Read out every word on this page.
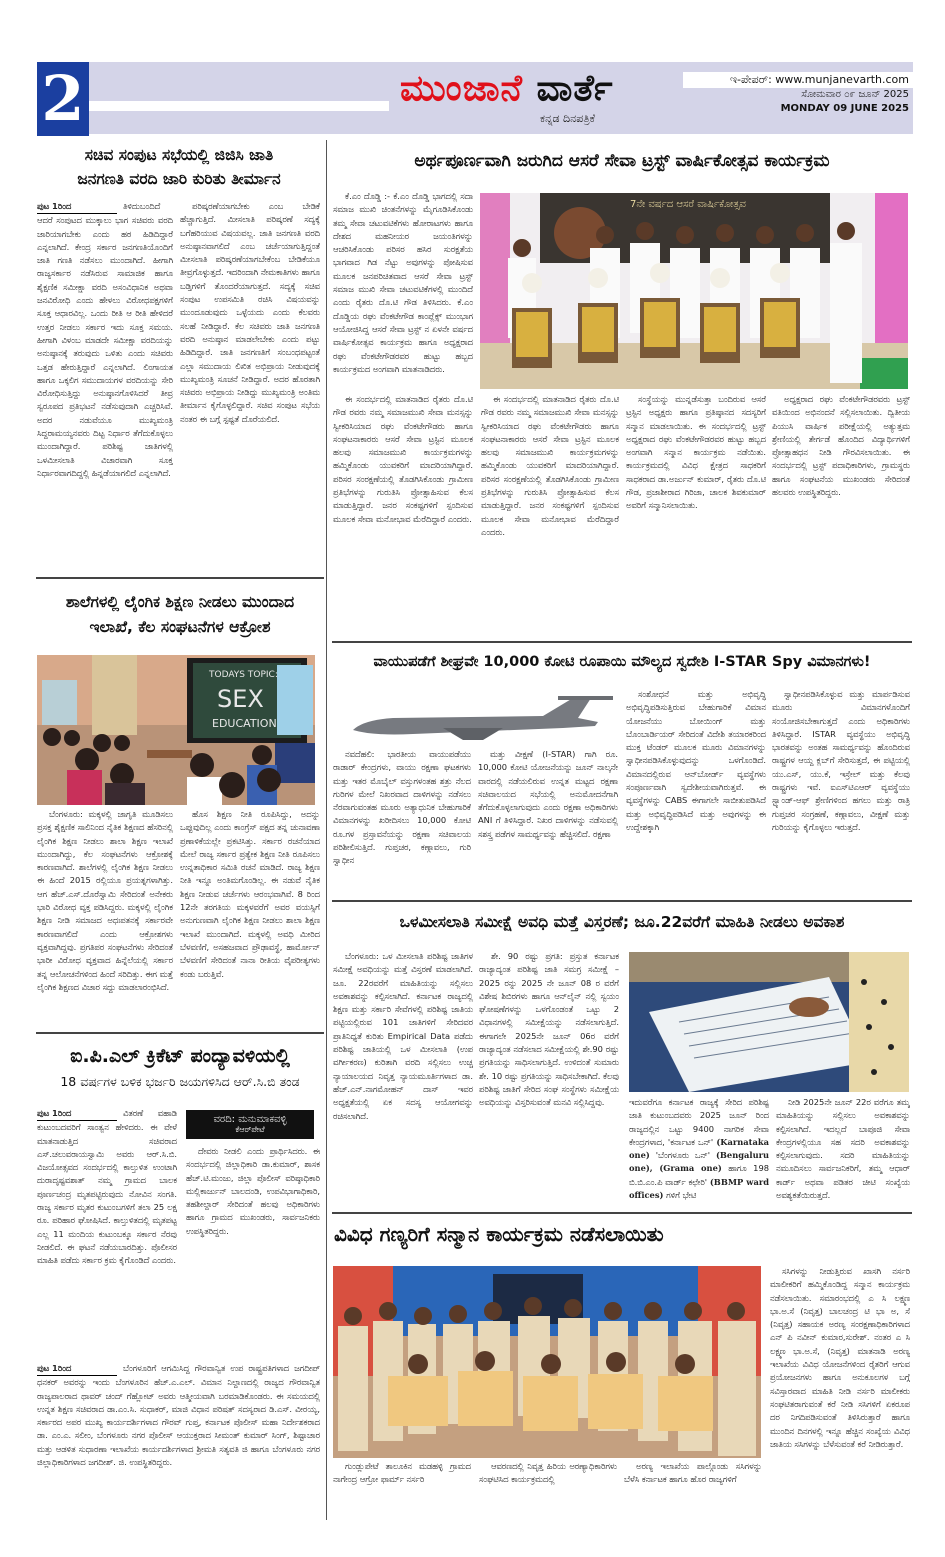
2	ಮುಂಜಾನೆ ವಾರ್ತೆ
ಕನ್ನಡ ದಿನಪತ್ರಿಕೆ
ಇ-ಪೇಪರ್: www.munjanevarth.com
ಸೋಮವಾರ ೦೯ ಜೂನ್ 2025
MONDAY 09 JUNE 2025
ಸಚಿವ ಸಂಪುಟ ಸಭೆಯಲ್ಲಿ ಜಿಜಿಸಿ ಜಾತಿ
ಜನಗಣತಿ ವರದಿ ಜಾರಿ ಕುರಿತು ತೀರ್ಮಾನ
ಪುಟ 1ರಿಂದ	ತಿಳಿದುಬಂದಿದೆ ಆದರೆ ಸಂಪುಟದ ಮುಕ್ಕಾಲು ಭಾಗ ಸಚಿವರು ವರದಿ ಜಾರಿಯಾಗಬೇಕು ಎಂದು ಹಠ ಹಿಡಿದಿದ್ದಾರೆ ಎನ್ನಲಾಗಿದೆ. ಕೇಂದ್ರ ಸರ್ಕಾರ ಜನಗಣತಿಯೊಂದಿಗೆ ಜಾತಿ ಗಣತಿ ನಡೆಸಲು ಮುಂದಾಗಿದೆ. ಹೀಗಾಗಿ ರಾಜ್ಯಸರ್ಕಾರ ನಡೆಸಿರುವ ಸಾಮಾಜಿಕ ಹಾಗೂ ಶೈಕ್ಷಣಿಕ ಸಮೀಕ್ಷಾ ವರದಿ ಅಸಂವಿಧಾನಿಕ ಅಥವಾ ಜನವಿರೋಧಿ ಎಂದು ಹೇಳಲು ವಿರೋಧಪಕ್ಷಗಳಿಗೆ ಸೂಕ್ತ ಆಧಾರವಿಲ್ಲ. ಒಂದು ರೀತಿ ಆ ರೀತಿ ಹೇಳಿದರೆ ಉತ್ತರ ನೀಡಲು ಸರ್ಕಾರ ಇದು ಸೂಕ್ತ ಸಮಯ. ಹೀಗಾಗಿ ವಿಳಂಬ ಮಾಡದೇ ಸಮೀಕ್ಷಾ ವರದಿಯನ್ನು ಅನುಷ್ಠಾನಕ್ಕೆ ತರುವುದು ಒಳಿತು ಎಂದು ಸಚಿವರು ಒತ್ತಡ ಹೇರುತ್ತಿದ್ದಾರೆ ಎನ್ನಲಾಗಿದೆ. ಲಿಂಗಾಯತ ಹಾಗೂ ಒಕ್ಕಲಿಗ ಸಮುದಾಯಗಳ ವರದಿಯನ್ನು ಸೇರಿ ವಿರೋಧಿಸುತ್ತಿದ್ದು ಅನುಷ್ಠಾನಗೊಳಿಸಿದರೆ ತೀವ್ರ ಸ್ವರೂಪದ ಪ್ರತಿಭಟನೆ ನಡೆಸುವುದಾಗಿ ಎಚ್ಚರಿಸಿವೆ. ಅದರ ನಡುವೆಯೂ ಮುಖ್ಯಮಂತ್ರಿ ಸಿದ್ದರಾಮಯ್ಯನವರು ದಿಟ್ಟ ನಿರ್ಧಾರ ತೆಗೆದುಕೊಳ್ಳಲು ಮುಂದಾಗಿದ್ದಾರೆ. ಪರಿಶಿಷ್ಟ ಜಾತಿಗಳಲ್ಲಿ ಒಳಮೀಸಲಾತಿ ವಿಚಾರವಾಗಿ ಸೂಕ್ತ ನಿರ್ಧಾರವಾಗದಿದ್ದಲ್ಲಿ ಹಿನ್ನಡೆಯಾಗಲಿದೆ ಎನ್ನಲಾಗಿದೆ.

ಪರಿಷ್ಕರಣೆಯಾಗಬೇಕು ಎಂಬ ಬೇಡಿಕೆ ಹೆಚ್ಚಾಗುತ್ತಿದೆ. ಮೀಸಲಾತಿ ಪರಿಷ್ಕರಣೆ ಸದ್ಯಕ್ಕೆ ಬಗೆಹರಿಯುವ ವಿಷಯವಲ್ಲ. ಜಾತಿ ಜನಗಣತಿ ವರದಿ ಅನುಷ್ಠಾನವಾಗಲಿದೆ ಎಂಬ ಚರ್ಚೆಯಾಗುತ್ತಿದ್ದಂತೆ ಮೀಸಲಾತಿ ಪರಿಷ್ಕರಣೆಯಾಗಬೇಕೆಂಬ ಬೇಡಿಕೆಯೂ ತೀವ್ರಗೊಳ್ಳುತ್ತದೆ. ಇದರಿಂದಾಗಿ ನೇಮಕಾತಿಗಳು ಹಾಗೂ ಬಡ್ತಿಗಳಿಗೆ ತೊಂದರೆಯಾಗುತ್ತದೆ. ಸದ್ಯಕ್ಕೆ ಸಚಿವ ಸಂಪುಟ ಉಪಸಮಿತಿ ರಚಿಸಿ ವಿಷಯವನ್ನು ಮುಂದೂಡುವುದು ಒಳ್ಳೆಯದು ಎಂದು ಕೆಲವರು ಸಲಹೆ ನೀಡಿದ್ದಾರೆ. ಕೆಲ ಸಚಿವರು ಜಾತಿ ಜನಗಣತಿ ವರದಿ ಅನುಷ್ಠಾನ ಮಾಡಲೇಬೇಕು ಎಂದು ಪಟ್ಟು ಹಿಡಿದಿದ್ದಾರೆ. ಜಾತಿ ಜನಗಣತಿಗೆ ಸಂಬಂಧಪಟ್ಟಂತೆ ಎಲ್ಲಾ ಸಮುದಾಯ ಲಿಖಿತ ಅಭಿಪ್ರಾಯ ನೀಡುವುದಕ್ಕೆ ಮುಖ್ಯಮಂತ್ರಿ ಸೂಚನೆ ನೀಡಿದ್ದಾರೆ. ಅದರ ಹೊರತಾಗಿ ಸಚಿವರು ಅಭಿಪ್ರಾಯ ನೀಡಿದ್ದು ಮುಖ್ಯಮಂತ್ರಿ ಅಂತಿಮ ತೀರ್ಮಾನ ಕೈಗೊಳ್ಳಲಿದ್ದಾರೆ. ಸಚಿವ ಸಂಪುಟ ಸಭೆಯ ನಂತರ ಈ ಬಗ್ಗೆ ಸ್ಪಷ್ಟತೆ ದೊರೆಯಲಿದೆ.

ಶಾಲೆಗಳಲ್ಲಿ ಲೈಂಗಿಕ ಶಿಕ್ಷಣ ನೀಡಲು ಮುಂದಾದ
ಇಲಾಖೆ, ಕೆಲ ಸಂಘಟನೆಗಳ ಆಕ್ರೋಶ
TODAYS TOPIC:
SEX
EDUCATION

ಬೆಂಗಳೂರು: ಮಕ್ಕಳಲ್ಲಿ ಜಾಗೃತಿ ಮೂಡಿಸಲು ಪ್ರಸಕ್ತ ಶೈಕ್ಷಣಿಕ ಸಾಲಿನಿಂದ ನೈತಿಕ ಶಿಕ್ಷಣದ ಹೆಸರಿನಲ್ಲಿ ಲೈಂಗಿಕ ಶಿಕ್ಷಣ ನೀಡಲು ಶಾಲಾ ಶಿಕ್ಷಣ ಇಲಾಖೆ ಮುಂದಾಗಿದ್ದು, ಕೆಲ ಸಂಘಟನೆಗಳು ಆಕ್ರೋಶಕ್ಕೆ ಕಾರಣವಾಗಿದೆ. ಶಾಲೆಗಳಲ್ಲಿ ಲೈಂಗಿಕ ಶಿಕ್ಷಣ ನೀಡಲು ಈ ಹಿಂದೆ 2015 ರಲ್ಲಿಯೂ ಪ್ರಯತ್ನಗಳಾಗಿತ್ತು. ಆಗ ಹೆಚ್.ಎಸ್.ದೊರೆಸ್ವಾಮಿ ಸೇರಿದಂತೆ ಅನೇಕರು ಭಾರಿ ವಿರೋಧ ವ್ಯಕ್ತ ಪಡಿಸಿದ್ದರು. ಮಕ್ಕಳಲ್ಲಿ ಲೈಂಗಿಕ ಶಿಕ್ಷಣ ನೀಡಿ ಸಮಾಜದ ಅಧಃಪತನಕ್ಕೆ ಸರ್ಕಾರವೇ ಕಾರಣವಾಗಲಿದೆ ಎಂದು ಆಕ್ರೋಶಗಳು ವ್ಯಕ್ತವಾಗಿದ್ದವು. ಪ್ರಗತಿಪರ ಸಂಘಟನೆಗಳು ಸೇರಿದಂತೆ ಭಾರೀ ವಿರೋಧ ವ್ಯಕ್ತವಾದ ಹಿನ್ನೆಲೆಯಲ್ಲಿ ಸರ್ಕಾರ ತನ್ನ ಆಲೋಚನೆಗಳಿಂದ ಹಿಂದೆ ಸರಿದಿತ್ತು. ಈಗ ಮತ್ತೆ ಲೈಂಗಿಕ ಶಿಕ್ಷಣದ ವಿಚಾರ ಸದ್ದು ಮಾಡಲಾರಂಭಿಸಿದೆ.

ಹೊಸ ಶಿಕ್ಷಣ ನೀತಿ ರೂಪಿಸಿದ್ದು, ಅದನ್ನು ಒಪ್ಪುವುದಿಲ್ಲ ಎಂದು ಕಾಂಗ್ರೆಸ್ ಪಕ್ಷದ ತನ್ನ ಚುನಾವಣಾ ಪ್ರಣಾಳಿಕೆಯಲ್ಲೇ ಪ್ರಕಟಿಸಿತ್ತು. ಸರ್ಕಾರ ರಚನೆಯಾದ ಮೇಲೆ ರಾಜ್ಯ ಸರ್ಕಾರ ಪ್ರತ್ಯೇಕ ಶಿಕ್ಷಣ ನೀತಿ ರೂಪಿಸಲು ಉನ್ನತಾಧಿಕಾರ ಸಮಿತಿ ರಚನೆ ಮಾಡಿದೆ. ರಾಜ್ಯ ಶಿಕ್ಷಣ ನೀತಿ ಇನ್ನೂ ಅಂತಿಮಗೊಂಡಿಲ್ಲ. ಈ ನಡುವೆ ನೈತಿಕ ಶಿಕ್ಷಣ ನೀಡುವ ಚರ್ಚೆಗಳು ಆರಂಭವಾಗಿವೆ. 8 ರಿಂದ 12ನೇ ತರಗತಿಯ ಮಕ್ಕಳವರೆಗೆ ಅವರ ವಯಸ್ಸಿಗೆ ಅನುಗುಣವಾಗಿ ಲೈಂಗಿಕ ಶಿಕ್ಷಣ ನೀಡಲು ಶಾಲಾ ಶಿಕ್ಷಣ ಇಲಾಖೆ ಮುಂದಾಗಿದೆ. ಮಕ್ಕಳಲ್ಲಿ ಅವಧಿ ಮೀರಿದ ಬೆಳವಣಿಗೆ, ಅಸಹಜವಾದ ಪ್ರೌಢಾವಸ್ಥೆ, ಹಾರ್ಮೋನ್ ಬೆಳವಣಿಗೆ ಸೇರಿದಂತೆ ನಾನಾ ರೀತಿಯ ವೈಪರೀತ್ಯಗಳು ಕಂಡು ಬರುತ್ತಿವೆ.

ಐ.ಪಿ.ಎಲ್ ಕ್ರಿಕೆಟ್ ಪಂದ್ಯಾವಳಿಯಲ್ಲಿ
18 ವರ್ಷಗಳ ಬಳಿಕ ಭರ್ಜರಿ ಜಯಗಳಿಸಿದ ಆರ್.ಸಿ.ಬಿ ತಂಡ
ಪುಟ 1ರಿಂದ	ವಿತರಣೆ ವಹಾಡಿ ಕುಟುಂಬದವರಿಗೆ ಸಾಂತ್ವನ ಹೇಳಿದರು. ಈ ವೇಳೆ ಮಾತನಾಡುತ್ತಿದ ಸಚಿವರಾದ ಎಸ್.ಚಲುವರಾಯಸ್ವಾಮಿ ಅವರು ಆರ್.ಸಿ.ಬಿ. ವಿಜಯೋತ್ಸವದ ಸಂದರ್ಭದಲ್ಲಿ ಕಾಲ್ತುಳಿತ ಉಂಟಾಗಿ ದುರಾದೃಷ್ಟವಶಾತ್ ನಮ್ಮ ಗ್ರಾಮದ ಬಾಲಕ ಪೂರ್ಣಚಂದ್ರ ಮೃತಪಟ್ಟಿರುವುದು ನೋವಿನ ಸಂಗತಿ. ರಾಜ್ಯ ಸರ್ಕಾರ ಮೃತರ ಕುಟುಂಬಗಳಿಗೆ ತಲಾ 25 ಲಕ್ಷ ರೂ. ಪರಿಹಾರ ಘೋಷಿಸಿದೆ. ಕಾಲ್ತುಳಿತದಲ್ಲಿ ಮೃತಪಟ್ಟ ಎಲ್ಲ 11 ಮಂದಿಯ ಕುಟುಂಬಕ್ಕೂ ಸರ್ಕಾರ ನೆರವು ನೀಡಲಿದೆ. ಈ ಘಟನೆ ನಡೆಯಬಾರದಿತ್ತು. ಪೊಲೀಸರ ಮಾಹಿತಿ ಪಡೆದು ಸರ್ಕಾರ ಕ್ರಮ ಕೈಗೊಂಡಿದೆ ಎಂದರು.
ವರದಿ: ಮನುಮಾಕವಳ್ಳಿ
ಕೆಆರ್‌ಪೇಟೆ

ದೇವರು ನೀಡಲಿ ಎಂದು ಪ್ರಾರ್ಥಿಸಿದರು. ಈ ಸಂದರ್ಭದಲ್ಲಿ ಜಿಲ್ಲಾಧಿಕಾರಿ ಡಾ.ಕುಮಾರ್, ಶಾಸಕ ಹೆಚ್.ಟಿ.ಮಂಜು, ಜಿಲ್ಲಾ ಪೊಲೀಸ್ ವರಿಷ್ಠಾಧಿಕಾರಿ ಮಲ್ಲಿಕಾರ್ಜುನ್ ಬಾಲದಂಡಿ, ಉಪವಿಭಾಗಾಧಿಕಾರಿ, ತಹಶೀಲ್ದಾರ್ ಸೇರಿದಂತೆ ಹಲವು ಅಧಿಕಾರಿಗಳು ಹಾಗೂ ಗ್ರಾಮದ ಮುಖಂಡರು, ಸಾರ್ವಜನಿಕರು ಉಪಸ್ಥಿತರಿದ್ದರು.

ಪುಟ 1ರಿಂದ	ಬೆಂಗಳೂರಿಗೆ ಆಗಮಿಸಿದ್ದ ಗೌರವಾನ್ವಿತ ಉಪ ರಾಷ್ಟ್ರಪತಿಗಳಾದ ಜಗದೀಪ್ ಧನಕರ್ ಅವರನ್ನು ಇಂದು ಬೆಂಗಳೂರಿನ ಹೆಚ್.ಎ.ಎಲ್. ವಿಮಾನ ನಿಲ್ದಾಣದಲ್ಲಿ ರಾಜ್ಯದ ಗೌರವಾನ್ವಿತ ರಾಜ್ಯಪಾಲರಾದ ಥಾವರ್ ಚಂದ್ ಗೆಹ್ಲೋಟ್ ಅವರು ಆತ್ಮೀಯವಾಗಿ ಬರಮಾಡಿಕೊಂಡರು. ಈ ಸಮಯದಲ್ಲಿ ಉನ್ನತ ಶಿಕ್ಷಣ ಸಚಿವರಾದ ಡಾ.ಎಂ.ಸಿ. ಸುಧಾಕರ್, ಮಾಜಿ ವಿಧಾನ ಪರಿಷತ್ ಸದಸ್ಯರಾದ ಡಿ.ಎಸ್. ವೀರಯ್ಯ, ಸರ್ಕಾರದ ಅಪರ ಮುಖ್ಯ ಕಾರ್ಯದರ್ಶಿಗಳಾದ ಗೌರವ್ ಗುಪ್ತ, ಕರ್ನಾಟಕ ಪೊಲೀಸ್ ಮಹಾ ನಿರ್ದೇಶಕರಾದ ಡಾ. ಎಂ.ಎ. ಸಲೀಂ, ಬೆಂಗಳೂರು ನಗರ ಪೊಲೀಸ್ ಆಯುಕ್ತರಾದ ಸೀಮಂತ್ ಕುಮಾರ್ ಸಿಂಗ್, ಶಿಷ್ಟಾಚಾರ ಮತ್ತು ಆಡಳಿತ ಸುಧಾರಣಾ ಇಲಾಖೆಯ ಕಾರ್ಯದರ್ಶಿಗಳಾದ ಶ್ರೀಮತಿ ಸತ್ಯವತಿ ಜಿ ಹಾಗೂ ಬೆಂಗಳೂರು ನಗರ ಜಿಲ್ಲಾಧಿಕಾರಿಗಳಾದ ಜಗದೀಶ್. ಜಿ. ಉಪಸ್ಥಿತರಿದ್ದರು.
ಅರ್ಥಪೂರ್ಣವಾಗಿ ಜರುಗಿದ ಆಸರೆ ಸೇವಾ ಟ್ರಸ್ಟ್ ವಾರ್ಷಿಕೋತ್ಸವ ಕಾರ್ಯಕ್ರಮ

ಕೆ.ಎಂ ದೊಡ್ಡಿ :- ಕೆ.ಎಂ ದೊಡ್ಡಿ ಭಾಗದಲ್ಲಿ ಸದಾ ಸಮಾಜ ಮುಖಿ ಚಿಂತನೆಗಳನ್ನು ಮೈಗೂಡಿಸಿಕೊಂಡು ತಮ್ಮ ಸೇವಾ ಚಟುವಟಿಕೆಗಳು ಹೋರಾಟಗಳು ಹಾಗೂ ದೇಶದ ಮಹನೀಯರ ಜಯಂತಿಗಳನ್ನು ಆಚರಿಸಿಕೊಂಡು ಪರಿಸರ ಹಸಿರ ಸುರಕ್ಷತೆಯ ಭಾಗವಾದ ಗಿಡ ನೆಟ್ಟು ಅವುಗಳನ್ನು ಪೋಷಿಸುವ ಮೂಲಕ ಜನಪರಿಚಿತವಾದ ಆಸರೆ ಸೇವಾ ಟ್ರಸ್ಟ್ ಸಮಾಜ ಮುಖಿ ಸೇವಾ ಚಟುವಟಿಕೆಗಳಲ್ಲಿ ಮುಂದಿದೆ ಎಂದು ರೈತರು ದೊ.ಟಿ ಗೌಡ ತಿಳಿಸಿದರು. ಕೆ.ಎಂ ದೊಡ್ಡಿಯ ರಘು ವೆಂಕಟೇಗೌಡ ಕಾಂಪ್ಲೆಕ್ಸ್ ಮುಂಭಾಗ ಆಯೋಜಿಸಿದ್ದ ಆಸರೆ ಸೇವಾ ಟ್ರಸ್ಟ್ ನ ಏಳನೇ ವರ್ಷದ ವಾರ್ಷಿಕೋತ್ಸವ ಕಾರ್ಯಕ್ರಮ ಹಾಗೂ ಅಧ್ಯಕ್ಷರಾದ ರಘು ವೆಂಕಟೇಗೌಡರವರ ಹುಟ್ಟು ಹಬ್ಬದ ಕಾರ್ಯಕ್ರಮದ ಅಂಗವಾಗಿ ಮಾತನಾಡಿದರು.

7ನೇ ವರ್ಷದ ಆಸರೆ ವಾರ್ಷಿಕೋತ್ಸವ

ಈ ಸಂದರ್ಭದಲ್ಲಿ ಮಾತನಾಡಿದ ರೈತರು ದೊ.ಟಿ ಗೌಡ ರವರು ನಮ್ಮ ಸಮಾಜಮುಖಿ ಸೇವಾ ಮನಸ್ಸನ್ನು ಸ್ವೀಕರಿಸಿಯಾದ ರಘು ವೆಂಕಟೇಗೌಡರು ಹಾಗೂ ಸಂಘಟನಾಕಾರರು ಆಸರೆ ಸೇವಾ ಟ್ರಸ್ಟಿನ ಮೂಲಕ ಹಲವು ಸಮಾಜಮುಖಿ ಕಾರ್ಯಕ್ರಮಗಳನ್ನು ಹಮ್ಮಿಕೊಂಡು ಯುವಕರಿಗೆ ಮಾದರಿಯಾಗಿದ್ದಾರೆ. ಪರಿಸರ ಸಂರಕ್ಷಣೆಯಲ್ಲಿ ತೊಡಗಿಸಿಕೊಂಡು ಗ್ರಾಮೀಣ ಪ್ರತಿಭೆಗಳನ್ನು ಗುರುತಿಸಿ ಪ್ರೋತ್ಸಾಹಿಸುವ ಕೆಲಸ ಮಾಡುತ್ತಿದ್ದಾರೆ. ಜನರ ಸಂಕಷ್ಟಗಳಿಗೆ ಸ್ಪಂದಿಸುವ ಮೂಲಕ ಸೇವಾ ಮನೋಭಾವ ಮೆರೆದಿದ್ದಾರೆ ಎಂದರು.

ಈ ಸಂದರ್ಭದಲ್ಲಿ ಮಾತನಾಡಿದ ರೈತರು ದೊ.ಟಿ ಗೌಡ ರವರು ನಮ್ಮ ಸಮಾಜಮುಖಿ ಸೇವಾ ಮನಸ್ಸನ್ನು ಸ್ವೀಕರಿಸಿಯಾದ ರಘು ವೆಂಕಟೇಗೌಡರು ಹಾಗೂ ಸಂಘಟನಾಕಾರರು ಆಸರೆ ಸೇವಾ ಟ್ರಸ್ಟಿನ ಮೂಲಕ ಹಲವು ಸಮಾಜಮುಖಿ ಕಾರ್ಯಕ್ರಮಗಳನ್ನು ಹಮ್ಮಿಕೊಂಡು ಯುವಕರಿಗೆ ಮಾದರಿಯಾಗಿದ್ದಾರೆ. ಪರಿಸರ ಸಂರಕ್ಷಣೆಯಲ್ಲಿ ತೊಡಗಿಸಿಕೊಂಡು ಗ್ರಾಮೀಣ ಪ್ರತಿಭೆಗಳನ್ನು ಗುರುತಿಸಿ ಪ್ರೋತ್ಸಾಹಿಸುವ ಕೆಲಸ ಮಾಡುತ್ತಿದ್ದಾರೆ. ಜನರ ಸಂಕಷ್ಟಗಳಿಗೆ ಸ್ಪಂದಿಸುವ ಮೂಲಕ ಸೇವಾ ಮನೋಭಾವ ಮೆರೆದಿದ್ದಾರೆ ಎಂದರು.

ಸಂಸ್ಥೆಯನ್ನು ಮುನ್ನಡೆಸುತ್ತಾ ಬಂದಿರುವ ಆಸರೆ ಟ್ರಸ್ಟಿನ ಅಧ್ಯಕ್ಷರು ಹಾಗೂ ಪ್ರತಿಷ್ಠಾನದ ಸದಸ್ಯರಿಗೆ ಸನ್ಮಾನ ಮಾಡಲಾಯಿತು. ಈ ಸಂದರ್ಭದಲ್ಲಿ ಟ್ರಸ್ಟ್ ಅಧ್ಯಕ್ಷರಾದ ರಘು ವೆಂಕಟೇಗೌಡರವರ ಹುಟ್ಟು ಹಬ್ಬದ ಅಂಗವಾಗಿ ಸನ್ಮಾನ ಕಾರ್ಯಕ್ರಮ ನಡೆಯಿತು. ಕಾರ್ಯಕ್ರಮದಲ್ಲಿ ವಿವಿಧ ಕ್ಷೇತ್ರದ ಸಾಧಕರಿಗೆ ಸಾಧಕರಾದ ಡಾ.ಅರ್ಜುನ್ ಕುಮಾರ್, ರೈತರು ದೊ.ಟಿ ಗೌಡ, ಪ್ರಜಾಶೀರಾದ ಗಿರಿಜಾ, ಚಾಲಕ ಶಿವಕುಮಾರ್ ಅವರಿಗೆ ಸನ್ಮಾನಿಸಲಾಯಿತು.

ಅಧ್ಯಕ್ಷರಾದ ರಘು ವೆಂಕಟೇಗೌಡರವರು ಟ್ರಸ್ಟ್ ವತಿಯಿಂದ ಅಭಿನಂದನೆ ಸಲ್ಲಿಸಲಾಯಿತು. ದ್ವಿತೀಯ ಪಿಯುಸಿ ವಾರ್ಷಿಕ ಪರೀಕ್ಷೆಯಲ್ಲಿ ಅತ್ಯುತ್ತಮ ಶ್ರೇಣಿಯಲ್ಲಿ ತೇರ್ಗಡೆ ಹೊಂದಿದ ವಿದ್ಯಾರ್ಥಿಗಳಿಗೆ ಪ್ರೋತ್ಸಾಹಧನ ನೀಡಿ ಗೌರವಿಸಲಾಯಿತು. ಈ ಸಂದರ್ಭದಲ್ಲಿ ಟ್ರಸ್ಟ್ ಪದಾಧಿಕಾರಿಗಳು, ಗ್ರಾಮಸ್ಥರು ಹಾಗೂ ಸಂಘಟನೆಯ ಮುಖಂಡರು ಸೇರಿದಂತೆ ಹಲವರು ಉಪಸ್ಥಿತರಿದ್ದರು.

ವಾಯುಪಡೆಗೆ ಶೀಘ್ರವೇ 10,000 ಕೋಟಿ ರೂಪಾಯಿ ಮೌಲ್ಯದ ಸ್ವದೇಶಿ I-STAR Spy ವಿಮಾನಗಳು!

ನವದೆಹಲಿ: ಭಾರತೀಯ ವಾಯುಪಡೆಯು ರಾಡಾರ್ ಕೇಂದ್ರಗಳು, ವಾಯು ರಕ್ಷಣಾ ಘಟಕಗಳು ಮತ್ತು ಇತರ ಮೊಬೈಲ್ ವಸ್ತುಗಳಂತಹ ಶತ್ರು ನೆಲದ ಗುರಿಗಳ ಮೇಲೆ ನಿಖರವಾದ ದಾಳಿಗಳನ್ನು ನಡೆಸಲು ನೆರವಾಗುವಂತಹ ಮೂರು ಅತ್ಯಾಧುನಿಕ ಬೇಹುಗಾರಿಕೆ ವಿಮಾನಗಳನ್ನು ಖರೀದಿಸಲು 10,000 ಕೋಟಿ ರೂ.ಗಳ ಪ್ರಸ್ತಾವನೆಯನ್ನು ರಕ್ಷಣಾ ಸಚಿವಾಲಯ ಪರಿಶೀಲಿಸುತ್ತಿದೆ. ಗುಪ್ತಚರ, ಕಣ್ಗಾವಲು, ಗುರಿ ಸ್ವಾಧೀನ

ಮತ್ತು ವೀಕ್ಷಣೆ (I-STAR) ಗಾಗಿ ರೂ. 10,000 ಕೋಟಿ ಯೋಜನೆಯನ್ನು ಜೂನ್ ನಾಲ್ಕನೇ ವಾರದಲ್ಲಿ ನಡೆಯಲಿರುವ ಉನ್ನತ ಮಟ್ಟದ ರಕ್ಷಣಾ ಸಚಿವಾಲಯದ ಸಭೆಯಲ್ಲಿ ಅನುಮೋದನೆಗಾಗಿ ತೆಗೆದುಕೊಳ್ಳಲಾಗುವುದು ಎಂದು ರಕ್ಷಣಾ ಅಧಿಕಾರಿಗಳು ANI ಗೆ ತಿಳಿಸಿದ್ದಾರೆ. ನಿಖರ ದಾಳಿಗಳನ್ನು ನಡೆಸುವಲ್ಲಿ ಸಶಸ್ತ್ರ ಪಡೆಗಳ ಸಾಮರ್ಥ್ಯವನ್ನು ಹೆಚ್ಚಿಸಲಿದೆ. ರಕ್ಷಣಾ

ಸಂಶೋಧನೆ ಮತ್ತು ಅಭಿವೃದ್ಧಿ ಅಭಿವೃದ್ಧಿಪಡಿಸುತ್ತಿರುವ ಬೇಹುಗಾರಿಕೆ ವಿಮಾನ ಯೋಜನೆಯು ಬೋಯಿಂಗ್ ಮತ್ತು ಬೊಂಬಾರ್ಡಿಯರ್ ಸೇರಿದಂತೆ ವಿದೇಶಿ ತಯಾರಕರಿಂದ ಮುಕ್ತ ಟೆಂಡರ್ ಮೂಲಕ ಮೂರು ವಿಮಾನಗಳನ್ನು ಸ್ವಾಧೀನಪಡಿಸಿಕೊಳ್ಳುವುದನ್ನು ಒಳಗೊಂಡಿದೆ. ವಿಮಾನದಲ್ಲಿರುವ ಆನ್‌ಬೋರ್ಡ್ ವ್ಯವಸ್ಥೆಗಳು ಸಂಪೂರ್ಣವಾಗಿ ಸ್ವದೇಶೀಯವಾಗಿರುತ್ತವೆ. ಈ ವ್ಯವಸ್ಥೆಗಳನ್ನು CABS ಈಗಾಗಲೇ ಸಾಬೀತುಪಡಿಸಿದೆ ಮತ್ತು ಅಭಿವೃದ್ಧಿಪಡಿಸಿದೆ ಮತ್ತು ಅವುಗಳನ್ನು ಈ ಉದ್ದೇಶಕ್ಕಾಗಿ

ಸ್ವಾಧೀನಪಡಿಸಿಕೊಳ್ಳುವ ಮತ್ತು ಮಾರ್ಪಡಿಸುವ ಮೂರು ವಿಮಾನಗಳೊಂದಿಗೆ ಸಂಯೋಜಿಸಬೇಕಾಗುತ್ತದೆ ಎಂದು ಅಧಿಕಾರಿಗಳು ತಿಳಿಸಿದ್ದಾರೆ. ISTAR ವ್ಯವಸ್ಥೆಯು ಅಭಿವೃದ್ಧಿ ಭಾರತವನ್ನು ಅಂತಹ ಸಾಮರ್ಥ್ಯವನ್ನು ಹೊಂದಿರುವ ರಾಷ್ಟ್ರಗಳ ಆಯ್ದ ಕ್ಲಬ್‌ಗೆ ಸೇರಿಸುತ್ತದೆ, ಈ ಪಟ್ಟಿಯಲ್ಲಿ ಯು.ಎಸ್, ಯು.ಕೆ, ಇಸ್ರೇಲ್ ಮತ್ತು ಕೆಲವು ರಾಷ್ಟ್ರಗಳು ಇವೆ. ಐಎಸ್‌ಟಿಎಆರ್ ವ್ಯವಸ್ಥೆಯು ಸ್ಟ್ಯಾಂಡ್-ಆಫ್ ಶ್ರೇಣಿಗಳಿಂದ ಹಗಲು ಮತ್ತು ರಾತ್ರಿ ಗುಪ್ತಚರ ಸಂಗ್ರಹಣೆ, ಕಣ್ಗಾವಲು, ವೀಕ್ಷಣೆ ಮತ್ತು ಗುರಿಯನ್ನು ಕೈಗೊಳ್ಳಲು ಇರುತ್ತದೆ.

ಒಳಮೀಸಲಾತಿ ಸಮೀಕ್ಷೆ ಅವಧಿ ಮತ್ತೆ ವಿಸ್ತರಣೆ; ಜೂ.22ವರೆಗೆ ಮಾಹಿತಿ ನೀಡಲು ಅವಕಾಶ

ಬೆಂಗಳೂರು: ಒಳ ಮೀಸಲಾತಿ ಪರಿಶಿಷ್ಟ ಜಾತಿಗಳ ಸಮೀಕ್ಷೆ ಅವಧಿಯನ್ನು ಮತ್ತೆ ವಿಸ್ತರಣೆ ಮಾಡಲಾಗಿದೆ. ಜೂ. 22ರವರೆಗೆ ಮಾಹಿತಿಯನ್ನು ಸಲ್ಲಿಸಲು ಅವಕಾಶವನ್ನು ಕಲ್ಪಿಸಲಾಗಿದೆ. ಕರ್ನಾಟಕ ರಾಜ್ಯದಲ್ಲಿ ಶಿಕ್ಷಣ ಮತ್ತು ಸರ್ಕಾರಿ ಸೇವೆಗಳಲ್ಲಿ ಪರಿಶಿಷ್ಟ ಜಾತಿಯ ಪಟ್ಟಿಯಲ್ಲಿರುವ 101 ಜಾತಿಗಳಿಗೆ ಸೇರಿದವರ ಪ್ರಾತಿನಿಧ್ಯತೆ ಕುರಿತು Empirical Data ಪಡೆದು ಪರಿಶಿಷ್ಟ ಜಾತಿಯಲ್ಲಿ ಒಳ ಮೀಸಲಾತಿ (ಉಪ ವರ್ಗೀಕರಣ) ಕುರಿತಾಗಿ ವರದಿ ಸಲ್ಲಿಸಲು ಉಚ್ಚ ನ್ಯಾಯಾಲಯದ ನಿವೃತ್ತ ನ್ಯಾಯಮೂರ್ತಿಗಳಾದ ಡಾ. ಹೆಚ್.ಎನ್.ನಾಗಮೋಹನ್ ದಾಸ್ ಇವರ ಅಧ್ಯಕ್ಷತೆಯಲ್ಲಿ ಏಕ ಸದಸ್ಯ ಆಯೋಗವನ್ನು ರಚಿಸಲಾಗಿದೆ.

ಶೇ. 90 ರಷ್ಟು ಪ್ರಗತಿ: ಪ್ರಸ್ತುತ ಕರ್ನಾಟಕ ರಾಜ್ಯಾದ್ಯಂತ ಪರಿಶಿಷ್ಟ ಜಾತಿ ಸಮಗ್ರ ಸಮೀಕ್ಷೆ – 2025 ರನ್ನು 2025 ನೇ ಜೂನ್ 08 ರ ವರೆಗೆ ವಿಶೇಷ ಶಿಬಿರಗಳು ಹಾಗೂ ಆನ್‌ಲೈನ್ ನಲ್ಲಿ ಸ್ವಯಂ ಘೋಷಣೆಗಳನ್ನು ಒಳಗೊಂಡಂತೆ ಒಟ್ಟು 2 ವಿಧಾನಗಳಲ್ಲಿ ಸಮೀಕ್ಷೆಯನ್ನು ನಡೆಸಲಾಗುತ್ತಿದೆ. ಈಗಾಗಲೇ 2025ನೇ ಜೂನ್ 06ರ ವರೆಗೆ ರಾಜ್ಯಾದ್ಯಂತ ನಡೆಸಲಾದ ಸಮೀಕ್ಷೆಯಲ್ಲಿ ಶೇ.90 ರಷ್ಟು ಪ್ರಗತಿಯನ್ನು ಸಾಧಿಸಲಾಗುತ್ತಿದೆ. ಉಳಿದಂತೆ ಸುಮಾರು ಶೇ. 10 ರಷ್ಟು ಪ್ರಗತಿಯನ್ನು ಸಾಧಿಸಬೇಕಾಗಿದೆ. ಕೆಲವು ಪರಿಶಿಷ್ಟ ಜಾತಿಗೆ ಸೇರಿದ ಸಂಘ ಸಂಸ್ಥೆಗಳು ಸಮೀಕ್ಷೆಯ ಅವಧಿಯನ್ನು ವಿಸ್ತರಿಸುವಂತೆ ಮನವಿ ಸಲ್ಲಿಸಿದ್ದವು.	ಇದುವರೆಗೂ ಕರ್ನಾಟಕ ರಾಜ್ಯಕ್ಕೆ ಸೇರಿದ ಪರಿಶಿಷ್ಟ ಜಾತಿ ಕುಟುಂಬದವರು 2025 ಜೂನ್ ರಿಂದ ರಾಜ್ಯದಲ್ಲಿನ ಒಟ್ಟು 9400 ನಾಗರಿಕ ಸೇವಾ ಕೇಂದ್ರಗಳಾದ, 'ಕರ್ನಾಟಕ ಒನ್' (Karnataka one) 'ಬೆಂಗಳೂರು ಒನ್' (Bengaluru one), (Grama one) ಹಾಗೂ 198 ಬಿ.ಬಿ.ಎಂ.ಪಿ ವಾರ್ಡ್ ಕಛೇರಿ' (BBMP ward offices) ಗಳಿಗೆ ಭೇಟಿ

ನೀಡಿ 2025ನೇ ಜೂನ್ 22ರ ವರೆಗೂ ತಮ್ಮ ಮಾಹಿತಿಯನ್ನು ಸಲ್ಲಿಸಲು ಅವಕಾಶವನ್ನು ಕಲ್ಪಿಸಲಾಗಿದೆ. ಇದಲ್ಲದೆ ಬಾಪೂಜಿ ಸೇವಾ ಕೇಂದ್ರಗಳಲ್ಲಿಯೂ ಸಹ ಸದರಿ ಅವಕಾಶವನ್ನು ಕಲ್ಪಿಸಲಾಗುವುದು. ಸದರಿ ಮಾಹಿತಿಯನ್ನು ನಮೂದಿಸಲು ಸಾರ್ವಜನಿಕರಿಗೆ, ತಮ್ಮ ಆಧಾರ್ ಕಾರ್ಡ್ ಅಥವಾ ಪಡಿತರ ಚೀಟಿ ಸಂಖ್ಯೆಯ ಅವಶ್ಯಕತೆಯಿರುತ್ತದೆ.

ವಿವಿಧ ಗಣ್ಯರಿಗೆ ಸನ್ಮಾನ ಕಾರ್ಯಕ್ರಮ ನಡೆಸಲಾಯಿತು

ಗುಂಡ್ಲುಪೇಟೆ ತಾಲೂಕಿನ ಮಡಹಳ್ಳಿ ಗ್ರಾಮದ ನಾಗೇಂದ್ರ ಆಗ್ರೋ ಫಾರ್ಮ್ ನರ್ಸರಿ

ಆವರಣದಲ್ಲಿ ನಿವೃತ್ತ ಹಿರಿಯ ಅರಣ್ಯಾಧಿಕಾರಿಗಳು ಸಂಘಟಿಸಿದ ಕಾರ್ಯಕ್ರಮದಲ್ಲಿ

ಅರಣ್ಯ ಇಲಾಖೆಯ ಪಾಲ್ಗೊಂಡು ಸಸಿಗಳನ್ನು ಬೆಳೆಸಿ ಕರ್ನಾಟಕ ಹಾಗೂ ಹೊರ ರಾಜ್ಯಗಳಿಗೆ

ಸಸಿಗಳನ್ನು ನೀಡುತ್ತಿರುವ ಖಾಸಗಿ ನರ್ಸರಿ ಮಾಲೀಕರಿಗೆ ಹಮ್ಮಿಕೊಂಡಿದ್ದ ಸನ್ಮಾನ ಕಾರ್ಯಕ್ರಮ ನಡೆಸಲಾಯಿತು. ಸಮಾರಂಭದಲ್ಲಿ ಎ ಸಿ ಲಕ್ಷ್ಮಣ ಭಾ.ಅ.ಸೆ (ನಿವೃತ್ತ) ಬಾಲಚಂದ್ರ ಟಿ ಭಾ ಅ, ಸೆ (ನಿವೃತ್ತ) ಸಹಾಯಕ ಅರಣ್ಯ ಸಂರಕ್ಷಣಾಧಿಕಾರಿಗಳಾದ ಎನ್ ಪಿ ನವೀನ್ ಕುಮಾರ,ಸುರೇಶ್. ನಂತರ ಎ ಸಿ ಲಕ್ಷ್ಮಣ ಭಾ.ಅ.ಸೆ, (ನಿವೃತ್ತ) ಮಾತನಾಡಿ ಅರಣ್ಯ ಇಲಾಖೆಯ ವಿವಿಧ ಯೋಜನೆಗಳಿಂದ ರೈತರಿಗೆ ಆಗುವ ಪ್ರಯೋಜನಗಳು ಹಾಗೂ ಅನುಕೂಲಗಳ ಬಗ್ಗೆ ಸವಿಸ್ತಾರವಾದ ಮಾಹಿತಿ ನೀಡಿ ನರ್ಸರಿ ಮಾಲೀಕರು ಸಂಘಟಿತರಾಗುವಂತೆ ಕರೆ ನೀಡಿ ಸಸಿಗಳಿಗೆ ಏಕರೂಪ ದರ ನಿಗದಿಪಡಿಸುವಂತೆ ತಿಳಿಸಿರುತ್ತಾರೆ ಹಾಗೂ ಮುಂದಿನ ದಿನಗಳಲ್ಲಿ ಇನ್ನೂ ಹೆಚ್ಚಿನ ಸಂಖ್ಯೆಯ ವಿವಿಧ ಜಾತಿಯ ಸಸಿಗಳನ್ನು ಬೆಳೆಸುವಂತೆ ಕರೆ ನೀಡಿರುತ್ತಾರೆ.
